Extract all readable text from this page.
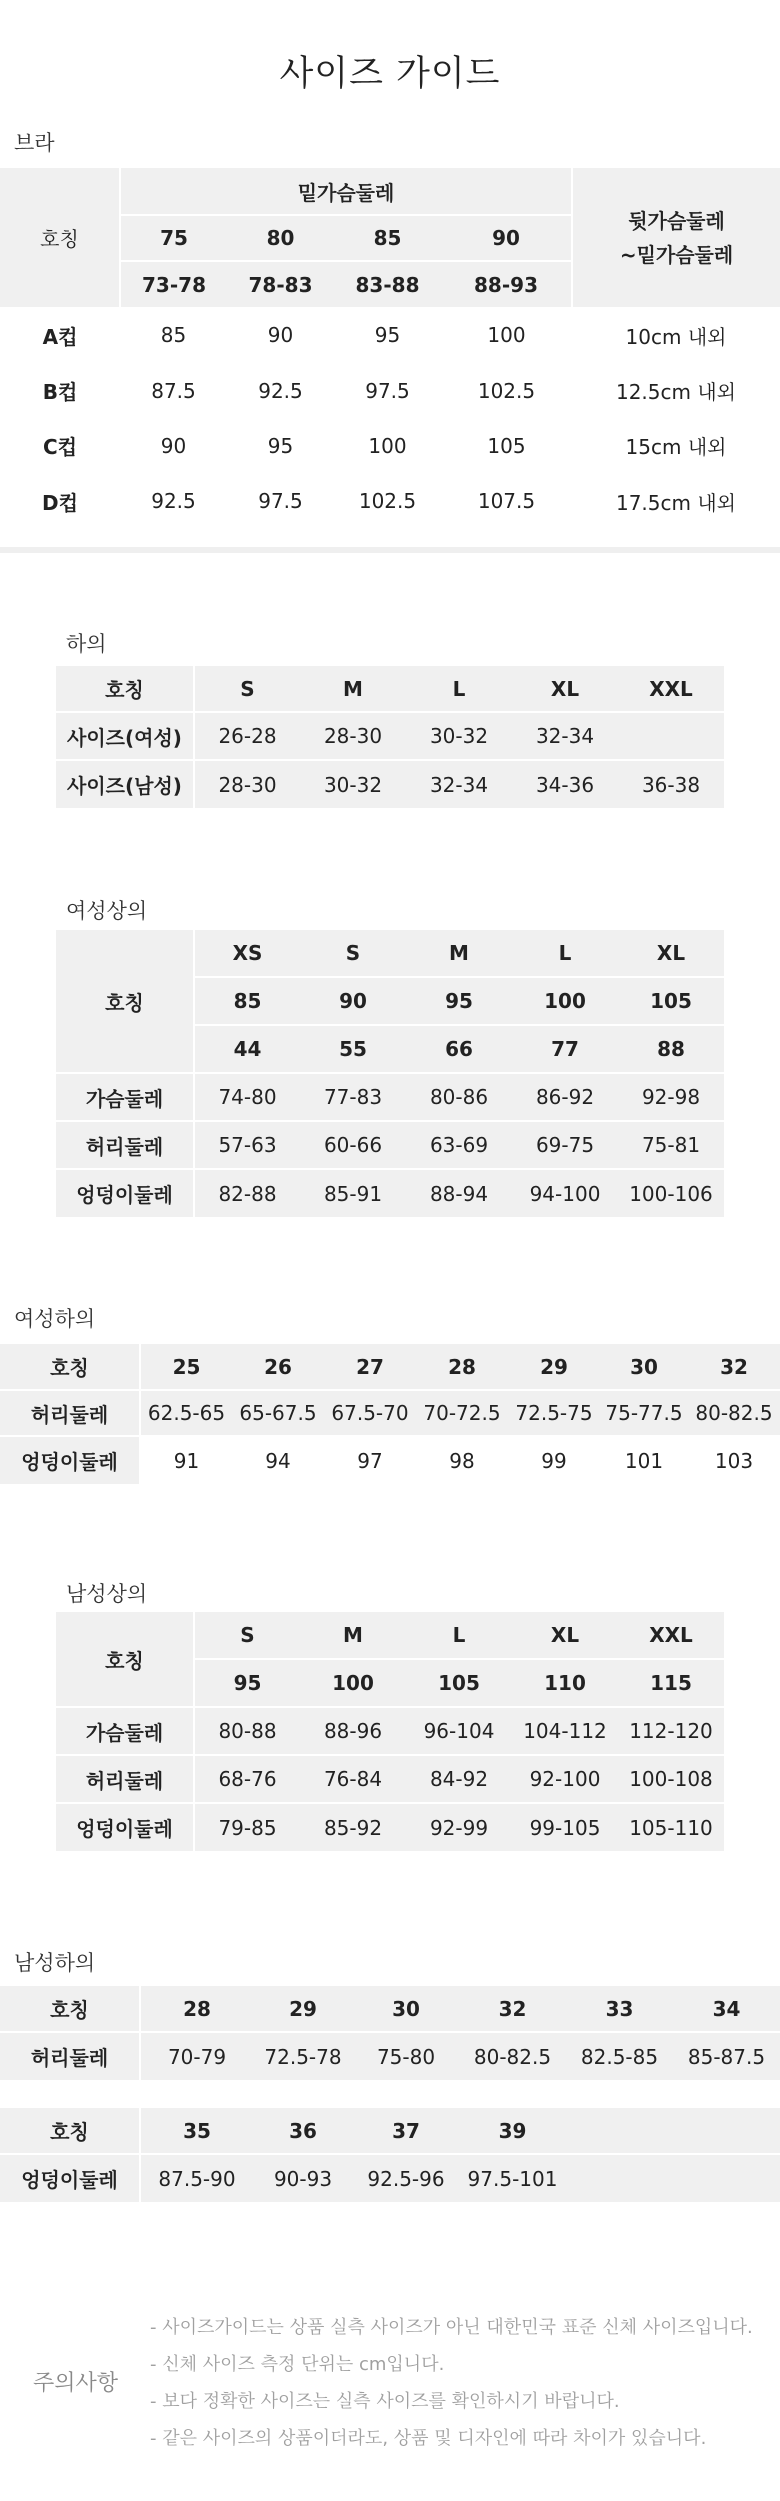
사이즈 가이드
브라
호칭	밑가슴둘레				뒷가슴둘레
~밑가슴둘레

	75	80	85	90	
	73-78	78-83	83-88	88-93	
A컵	85	90	95	100	10cm 내외
B컵	87.5	92.5	97.5	102.5	12.5cm 내외
C컵	90	95	100	105	15cm 내외
D컵	92.5	97.5	102.5	107.5	17.5cm 내외
하의
호칭	S	M	L	XL	XXL
사이즈(여성)	26-28	28-30	30-32	32-34	
사이즈(남성)	28-30	30-32	32-34	34-36	36-38
여성상의
호칭	XS	S	M	L	XL
	85	90	95	100	105
	44	55	66	77	88
가슴둘레	74-80	77-83	80-86	86-92	92-98
허리둘레	57-63	60-66	63-69	69-75	75-81
엉덩이둘레	82-88	85-91	88-94	94-100	100-106
여성하의
호칭	25	26	27	28	29	30	32
허리둘레	62.5-65	65-67.5	67.5-70	70-72.5	72.5-75	75-77.5	80-82.5
엉덩이둘레	91	94	97	98	99	101	103
남성상의
호칭	S	M	L	XL	XXL
	95	100	105	110	115
가슴둘레	80-88	88-96	96-104	104-112	112-120
허리둘레	68-76	76-84	84-92	92-100	100-108
엉덩이둘레	79-85	85-92	92-99	99-105	105-110
남성하의
호칭	28	29	30	32	33	34
허리둘레	70-79	72.5-78	75-80	80-82.5	82.5-85	85-87.5
호칭	35	36	37	39		
엉덩이둘레	87.5-90	90-93	92.5-96	97.5-101		
주의사항
- 사이즈가이드는 상품 실측 사이즈가 아닌 대한민국 표준 신체 사이즈입니다.
- 신체 사이즈 측정 단위는 cm입니다.
- 보다 정확한 사이즈는 실측 사이즈를 확인하시기 바랍니다.
- 같은 사이즈의 상품이더라도, 상품 및 디자인에 따라 차이가 있습니다.
